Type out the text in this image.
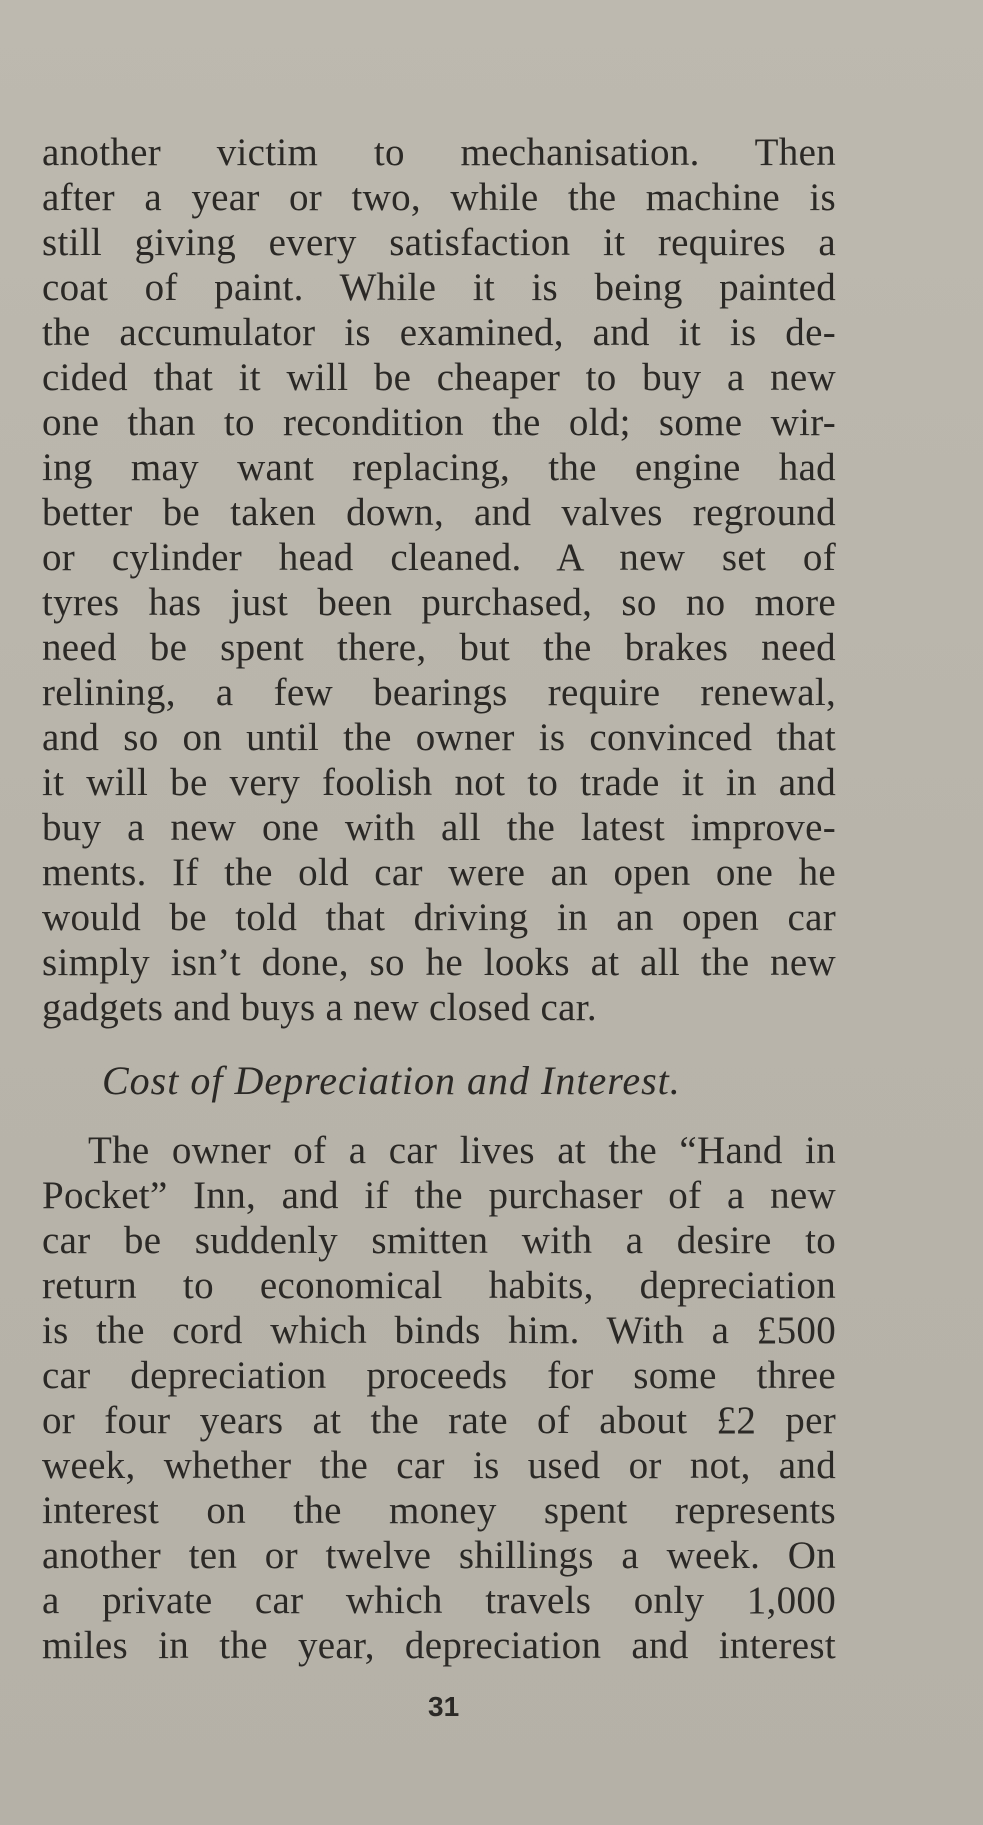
another victim to mechanisation. Then
after a year or two, while the machine is
still giving every satisfaction it requires a
coat of paint. While it is being painted
the accumulator is examined, and it is de-
cided that it will be cheaper to buy a new
one than to recondition the old; some wir-
ing may want replacing, the engine had
better be taken down, and valves reground
or cylinder head cleaned. A new set of
tyres has just been purchased, so no more
need be spent there, but the brakes need
relining, a few bearings require renewal,
and so on until the owner is convinced that
it will be very foolish not to trade it in and
buy a new one with all the latest improve-
ments. If the old car were an open one he
would be told that driving in an open car
simply isn’t done, so he looks at all the new
gadgets and buys a new closed car.
Cost of Depreciation and Interest.
The owner of a car lives at the “Hand in
Pocket” Inn, and if the purchaser of a new
car be suddenly smitten with a desire to
return to economical habits, depreciation
is the cord which binds him. With a £500
car depreciation proceeds for some three
or four years at the rate of about £2 per
week, whether the car is used or not, and
interest on the money spent represents
another ten or twelve shillings a week. On
a private car which travels only 1,000
miles in the year, depreciation and interest
31
